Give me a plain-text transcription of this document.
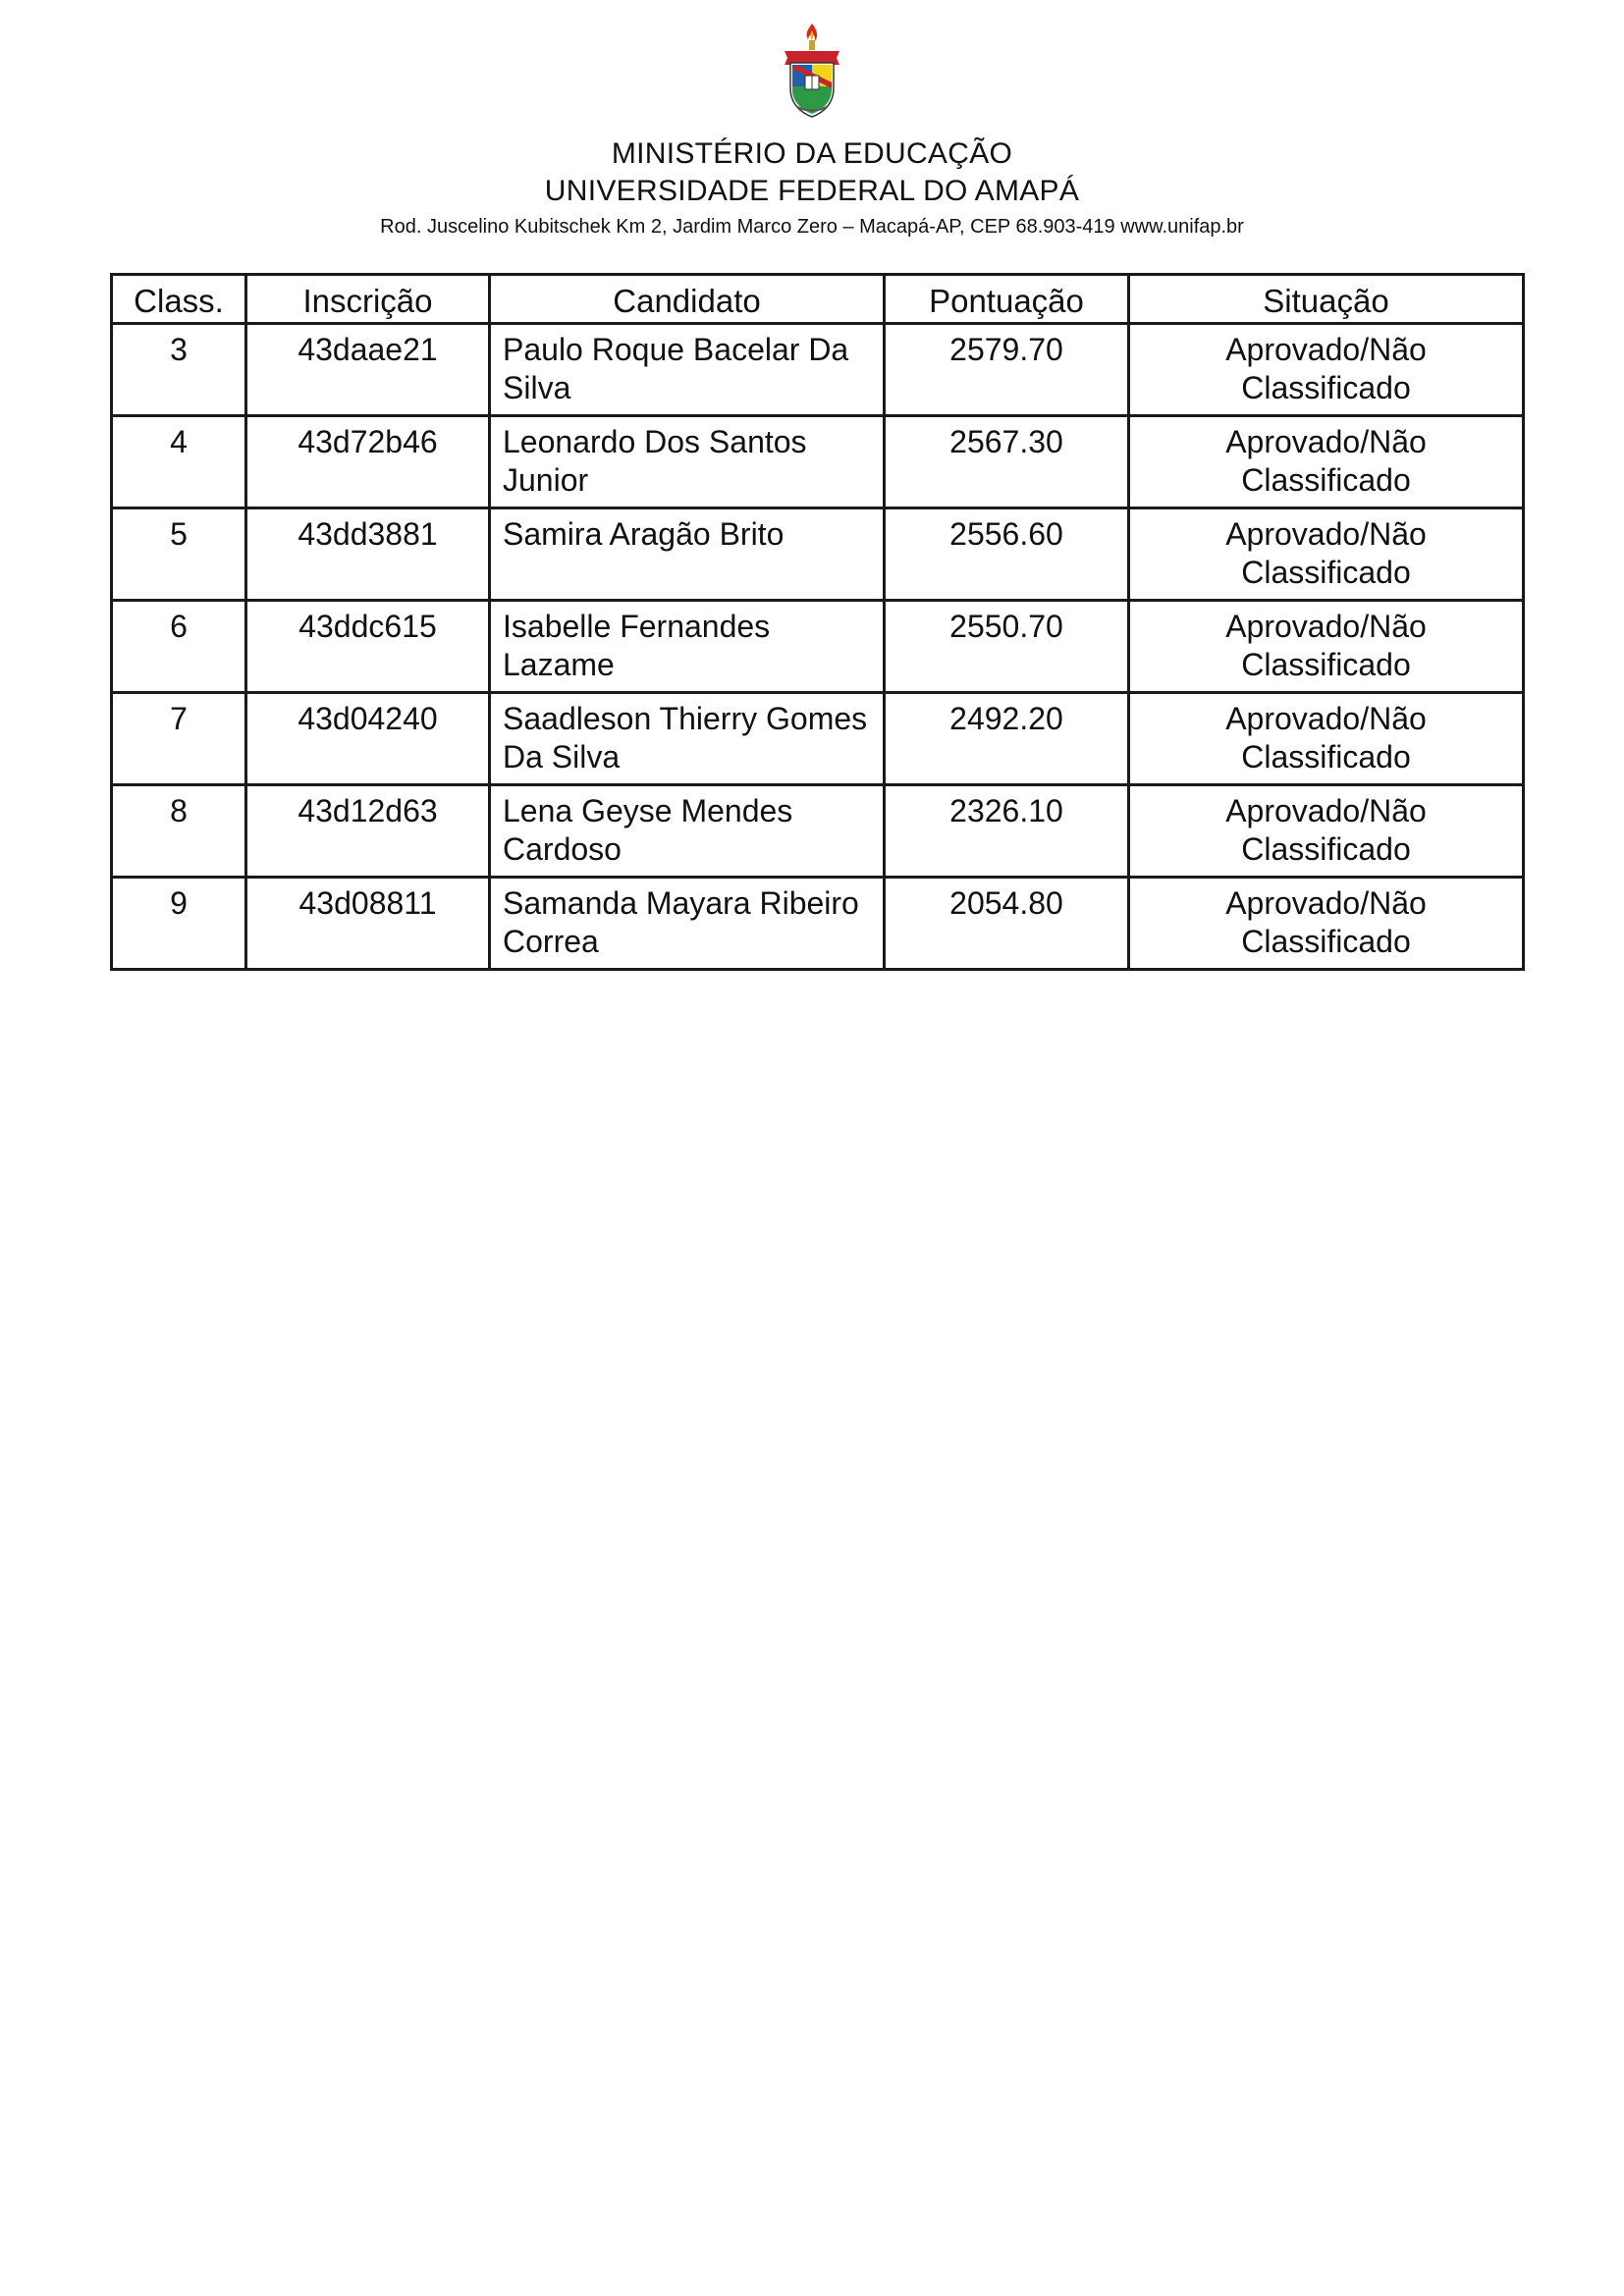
MINISTÉRIO DA EDUCAÇÃO
UNIVERSIDADE FEDERAL DO AMAPÁ
Rod. Juscelino Kubitschek Km 2, Jardim Marco Zero – Macapá-AP, CEP 68.903-419 www.unifap.br
Class.	Inscrição	Candidato	Pontuação	Situação
3	43daae21	Paulo Roque Bacelar Da Silva	2579.70	Aprovado/Não Classificado
4	43d72b46	Leonardo Dos Santos Junior	2567.30	Aprovado/Não Classificado
5	43dd3881	Samira Aragão Brito	2556.60	Aprovado/Não Classificado
6	43ddc615	Isabelle Fernandes Lazame	2550.70	Aprovado/Não Classificado
7	43d04240	Saadleson Thierry Gomes Da Silva	2492.20	Aprovado/Não Classificado
8	43d12d63	Lena Geyse Mendes Cardoso	2326.10	Aprovado/Não Classificado
9	43d08811	Samanda Mayara Ribeiro Correa	2054.80	Aprovado/Não Classificado
